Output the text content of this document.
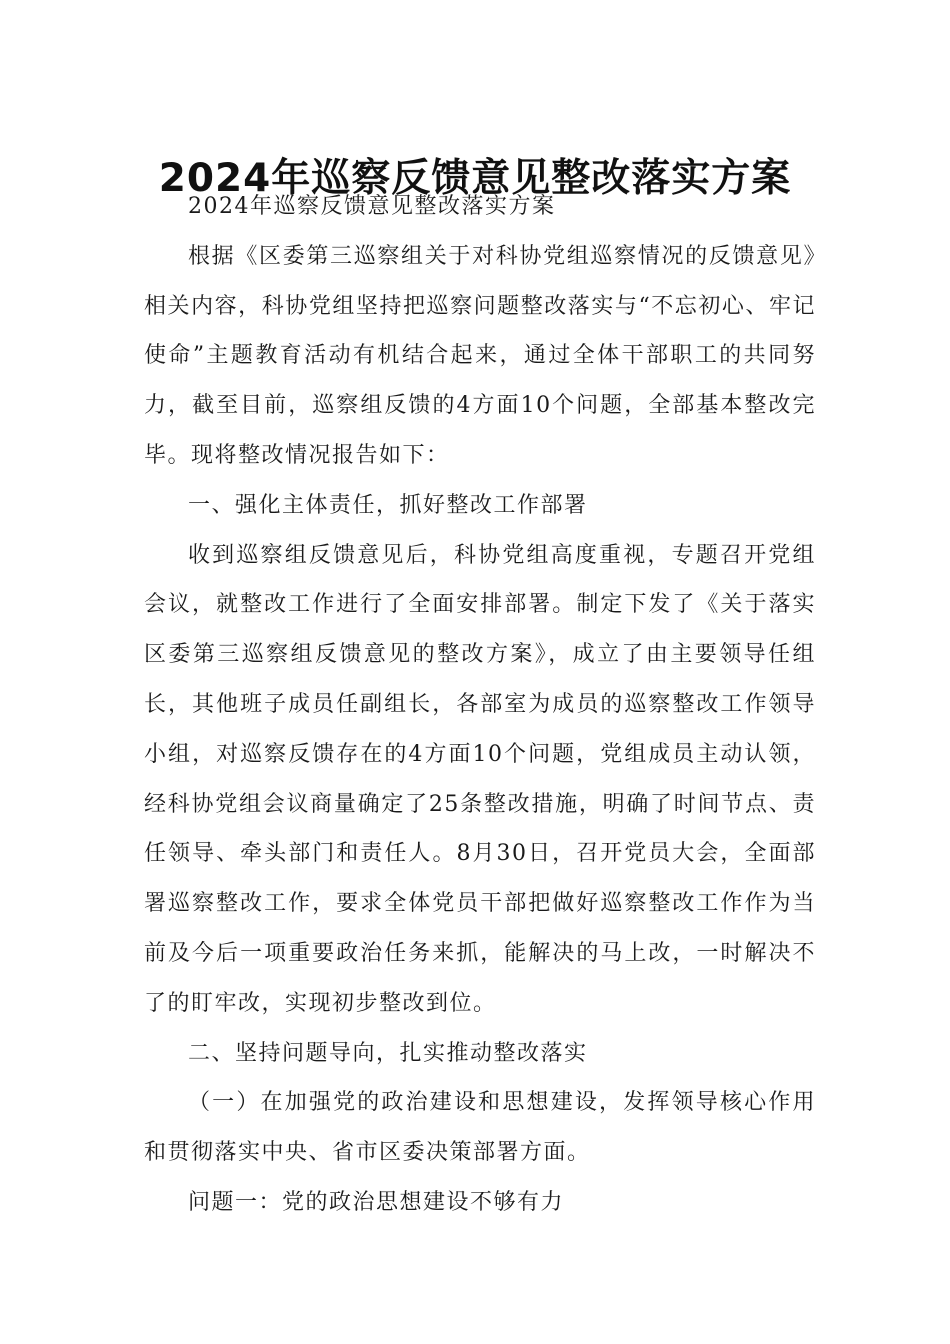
2024年巡察反馈意见整改落实方案

2024年巡察反馈意见整改落实方案

根据《区委第三巡察组关于对科协党组巡察情况的反馈意见》相关内容，科协党组坚持把巡察问题整改落实与“不忘初心、牢记使命”主题教育活动有机结合起来，通过全体干部职工的共同努力，截至目前，巡察组反馈的4方面10个问题，全部基本整改完毕。现将整改情况报告如下：

一、强化主体责任，抓好整改工作部署

收到巡察组反馈意见后，科协党组高度重视，专题召开党组会议，就整改工作进行了全面安排部署。制定下发了《关于落实区委第三巡察组反馈意见的整改方案》，成立了由主要领导任组长，其他班子成员任副组长，各部室为成员的巡察整改工作领导小组，对巡察反馈存在的4方面10个问题，党组成员主动认领，经科协党组会议商量确定了25条整改措施，明确了时间节点、责任领导、牵头部门和责任人。8月30日，召开党员大会，全面部署巡察整改工作，要求全体党员干部把做好巡察整改工作作为当前及今后一项重要政治任务来抓，能解决的马上改，一时解决不了的盯牢改，实现初步整改到位。

二、坚持问题导向，扎实推动整改落实

（一）在加强党的政治建设和思想建设，发挥领导核心作用和贯彻落实中央、省市区委决策部署方面。

问题一：党的政治思想建设不够有力
